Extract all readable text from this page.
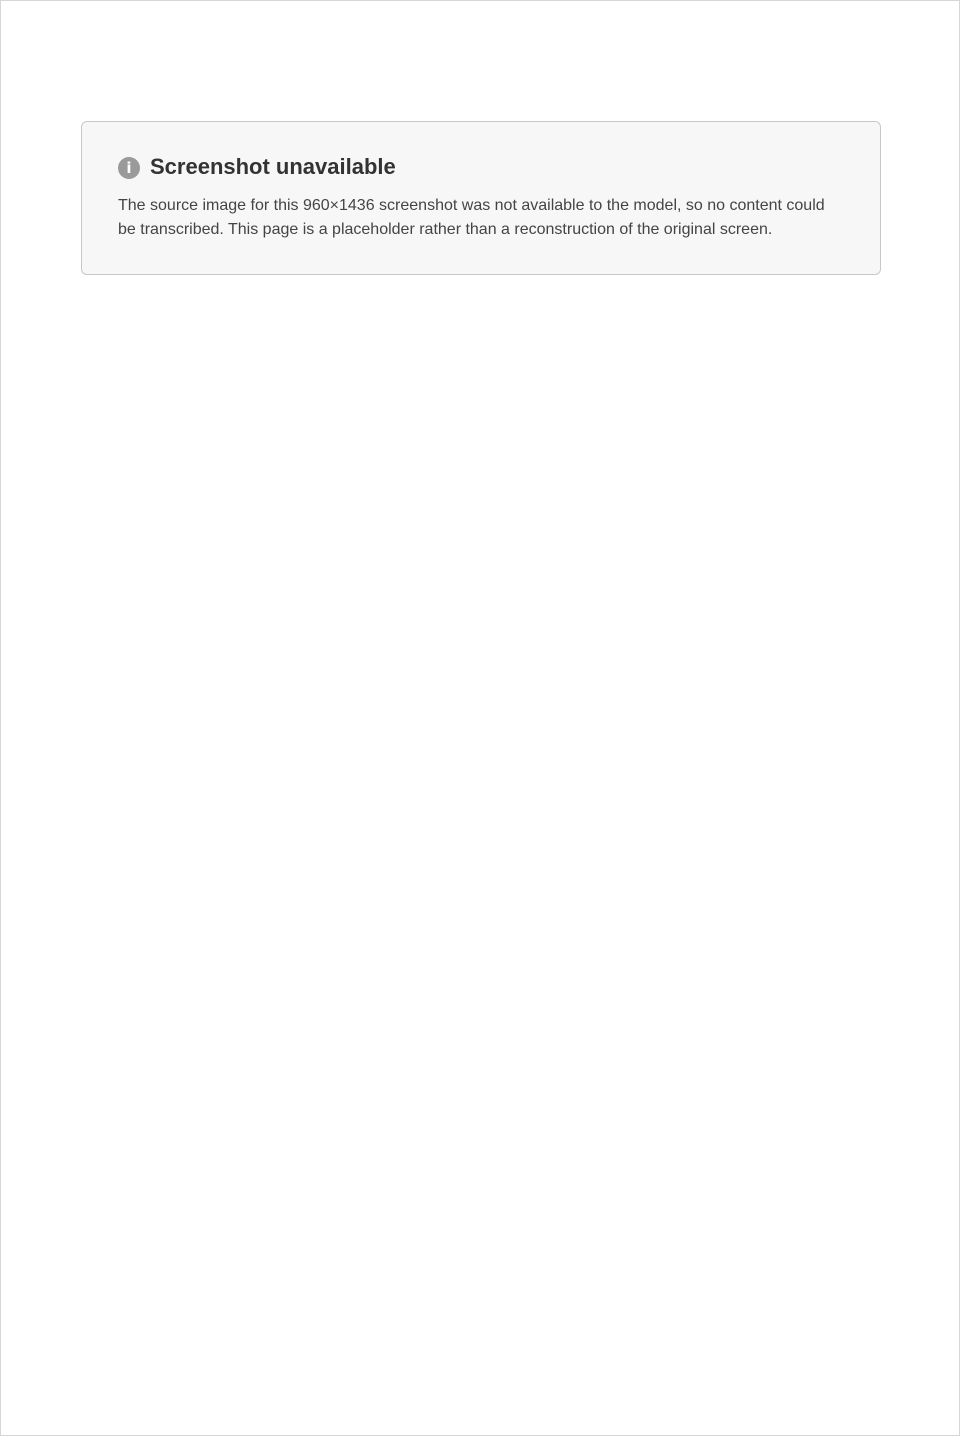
i Screenshot unavailable

The source image for this 960×1436 screenshot was not available to the model, so no content could be transcribed. This page is a placeholder rather than a reconstruction of the original screen.
